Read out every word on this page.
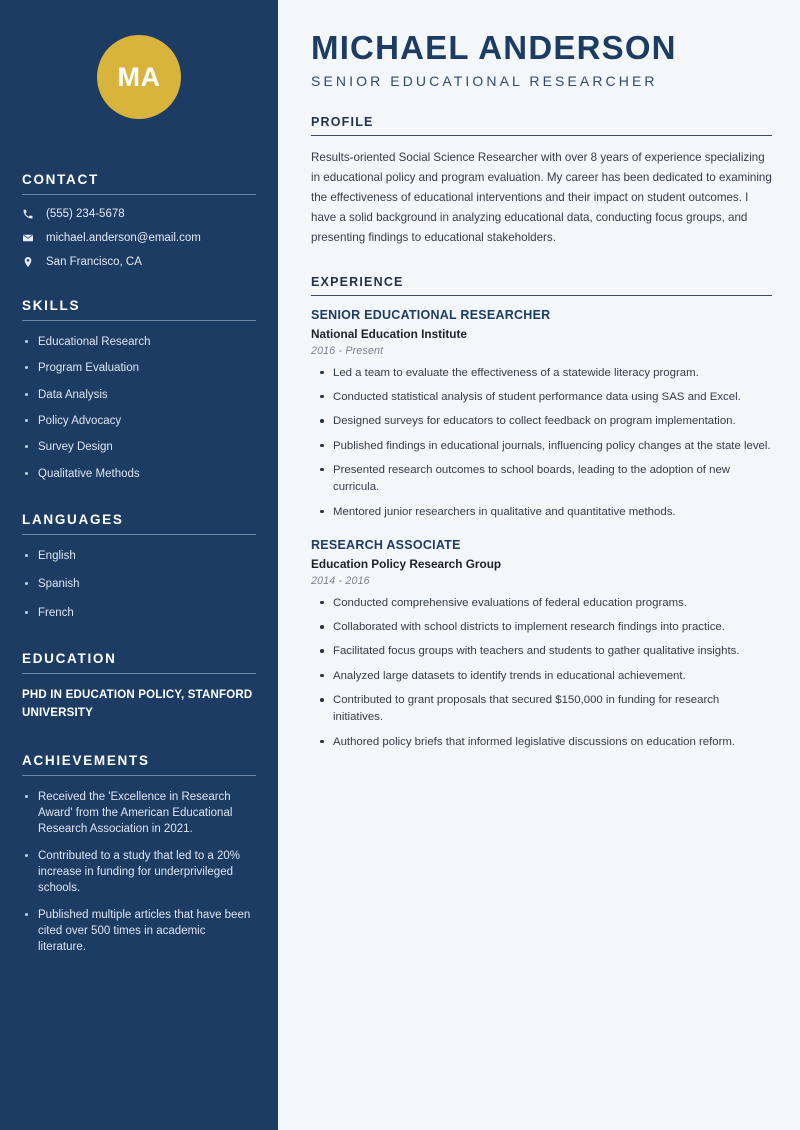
MA
CONTACT
(555) 234-5678
michael.anderson@email.com
San Francisco, CA
SKILLS
Educational Research
Program Evaluation
Data Analysis
Policy Advocacy
Survey Design
Qualitative Methods
LANGUAGES
English
Spanish
French
EDUCATION
PHD IN EDUCATION POLICY, STANFORD UNIVERSITY
ACHIEVEMENTS
Received the 'Excellence in Research Award' from the American Educational Research Association in 2021.
Contributed to a study that led to a 20% increase in funding for underprivileged schools.
Published multiple articles that have been cited over 500 times in academic literature.
MICHAEL ANDERSON
SENIOR EDUCATIONAL RESEARCHER
PROFILE

Results-oriented Social Science Researcher with over 8 years of experience specializing in educational policy and program evaluation. My career has been dedicated to examining the effectiveness of educational interventions and their impact on student outcomes. I have a solid background in analyzing educational data, conducting focus groups, and presenting findings to educational stakeholders.

EXPERIENCE
SENIOR EDUCATIONAL RESEARCHER
National Education Institute
2016 - Present
Led a team to evaluate the effectiveness of a statewide literacy program.
Conducted statistical analysis of student performance data using SAS and Excel.
Designed surveys for educators to collect feedback on program implementation.
Published findings in educational journals, influencing policy changes at the state level.
Presented research outcomes to school boards, leading to the adoption of new curricula.
Mentored junior researchers in qualitative and quantitative methods.
RESEARCH ASSOCIATE
Education Policy Research Group
2014 - 2016
Conducted comprehensive evaluations of federal education programs.
Collaborated with school districts to implement research findings into practice.
Facilitated focus groups with teachers and students to gather qualitative insights.
Analyzed large datasets to identify trends in educational achievement.
Contributed to grant proposals that secured $150,000 in funding for research initiatives.
Authored policy briefs that informed legislative discussions on education reform.
